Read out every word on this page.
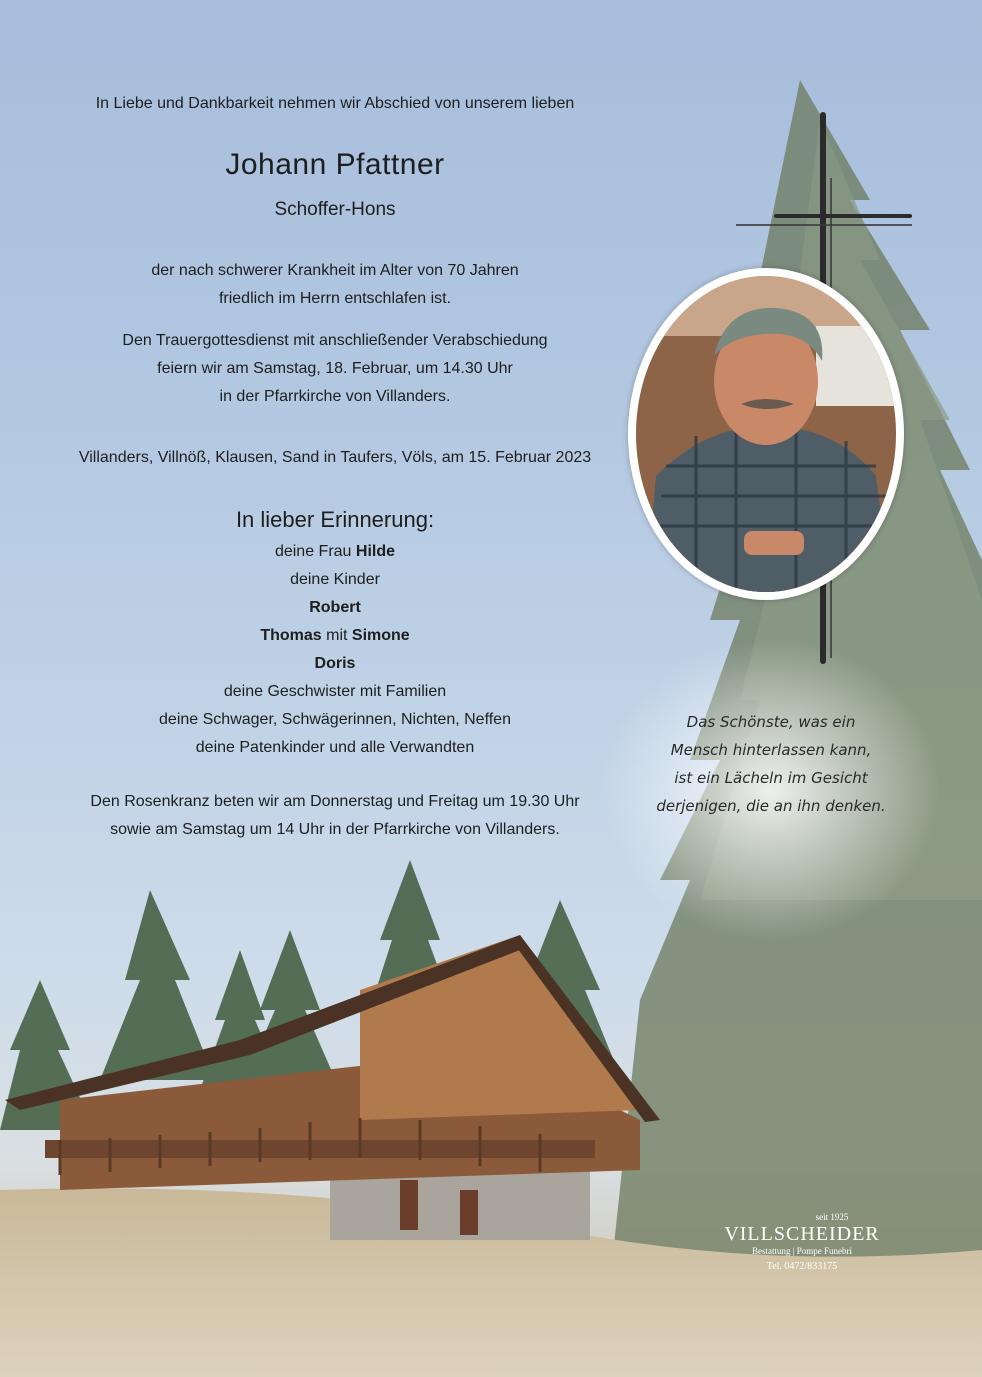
In Liebe und Dankbarkeit nehmen wir Abschied von unserem lieben
Johann Pfattner
Schoffer-Hons
der nach schwerer Krankheit im Alter von 70 Jahren
friedlich im Herrn entschlafen ist.
Den Trauergottesdienst mit anschließender Verabschiedung
feiern wir am Samstag, 18. Februar, um 14.30 Uhr
in der Pfarrkirche von Villanders.
Villanders, Villnöß, Klausen, Sand in Taufers, Völs, am 15. Februar 2023
In lieber Erinnerung:
deine Frau Hilde
deine Kinder
Robert
Thomas mit Simone
Doris
deine Geschwister mit Familien
deine Schwager, Schwägerinnen, Nichten, Neffen
deine Patenkinder und alle Verwandten
Den Rosenkranz beten wir am Donnerstag und Freitag um 19.30 Uhr
sowie am Samstag um 14 Uhr in der Pfarrkirche von Villanders.
Das Schönste, was ein
Mensch hinterlassen kann,
ist ein Lächeln im Gesicht
derjenigen, die an ihn denken.
seit 1925
VILLSCHEIDER
Bestattung | Pompe Funebri
Tel. 0472/833175
